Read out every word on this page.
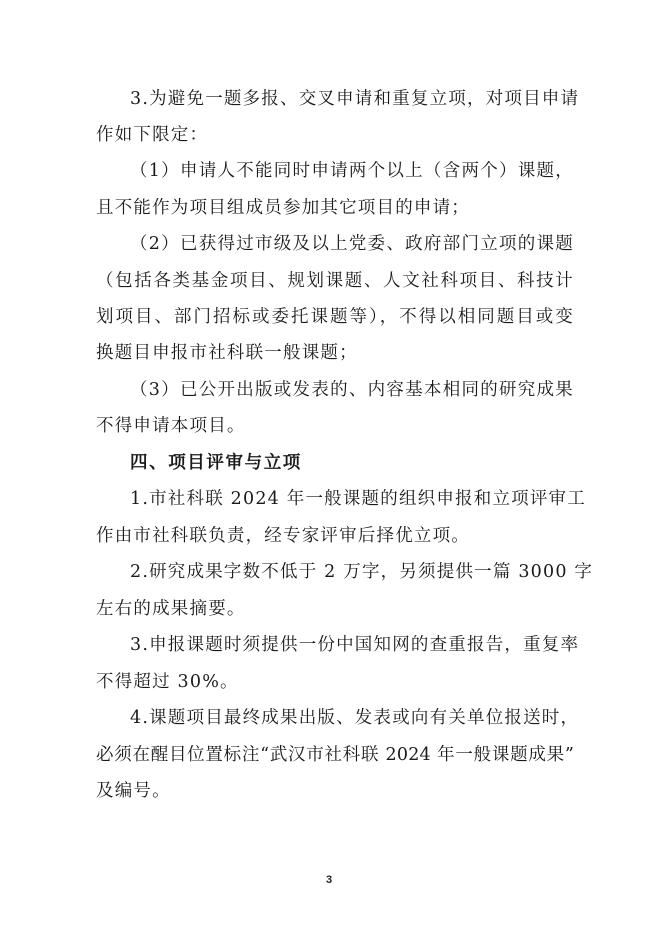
3.为避免一题多报、交叉申请和重复立项，对项目申请
作如下限定：
（1）申请人不能同时申请两个以上（含两个）课题，
且不能作为项目组成员参加其它项目的申请；
（2）已获得过市级及以上党委、政府部门立项的课题
（包括各类基金项目、规划课题、人文社科项目、科技计
划项目、部门招标或委托课题等），不得以相同题目或变
换题目申报市社科联一般课题；
（3）已公开出版或发表的、内容基本相同的研究成果
不得申请本项目。
四、项目评审与立项
1.市社科联 2024 年一般课题的组织申报和立项评审工
作由市社科联负责，经专家评审后择优立项。
2.研究成果字数不低于 2 万字，另须提供一篇 3000 字
左右的成果摘要。
3.申报课题时须提供一份中国知网的查重报告，重复率
不得超过 30%。
4.课题项目最终成果出版、发表或向有关单位报送时，
必须在醒目位置标注“武汉市社科联 2024 年一般课题成果”
及编号。
3
